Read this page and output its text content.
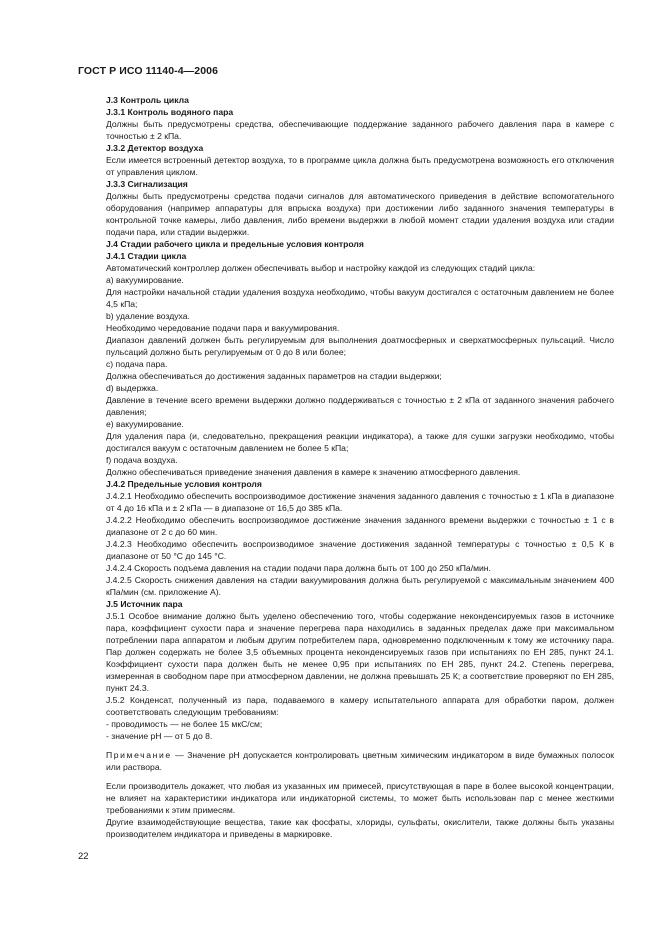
ГОСТ Р ИСО 11140-4—2006

J.3 Контроль цикла

J.3.1 Контроль водяного пара

Должны быть предусмотрены средства, обеспечивающие поддержание заданного рабочего давления пара в камере с точностью ± 2 кПа.

J.3.2 Детектор воздуха

Если имеется встроенный детектор воздуха, то в программе цикла должна быть предусмотрена возможность его отключения от управления циклом.

J.3.3 Сигнализация

Должны быть предусмотрены средства подачи сигналов для автоматического приведения в действие вспомогательного оборудования (например аппаратуры для впрыска воздуха) при достижении либо заданного значения температуры в контрольной точке камеры, либо давления, либо времени выдержки в любой момент стадии удаления воздуха или стадии подачи пара, или стадии выдержки.

J.4 Стадии рабочего цикла и предельные условия контроля

J.4.1 Стадии цикла

Автоматический контроллер должен обеспечивать выбор и настройку каждой из следующих стадий цикла:

a) вакуумирование.

Для настройки начальной стадии удаления воздуха необходимо, чтобы вакуум достигался с остаточным давлением не более 4,5 кПа;

b) удаление воздуха.

Необходимо чередование подачи пара и вакуумирования.

Диапазон давлений должен быть регулируемым для выполнения доатмосферных и сверхатмосферных пульсаций. Число пульсаций должно быть регулируемым от 0 до 8 или более;

c) подача пара.

Должна обеспечиваться до достижения заданных параметров на стадии выдержки;

d) выдержка.

Давление в течение всего времени выдержки должно поддерживаться с точностью ± 2 кПа от заданного значения рабочего давления;

e) вакуумирование.

Для удаления пара (и, следовательно, прекращения реакции индикатора), а также для сушки загрузки необходимо, чтобы достигался вакуум с остаточным давлением не более 5 кПа;

f) подача воздуха.

Должно обеспечиваться приведение значения давления в камере к значению атмосферного давления.

J.4.2 Предельные условия контроля

J.4.2.1 Необходимо обеспечить воспроизводимое достижение значения заданного давления с точностью ± 1 кПа в диапазоне от 4 до 16 кПа и ± 2 кПа — в диапазоне от 16,5 до 385 кПа.

J.4.2.2 Необходимо обеспечить воспроизводимое достижение значения заданного времени выдержки с точностью ± 1 с в диапазоне от 2 с до 60 мин.

J.4.2.3 Необходимо обеспечить воспроизводимое значение достижения заданной температуры с точностью ± 0,5 К в диапазоне от 50 °С до 145 °С.

J.4.2.4 Скорость подъема давления на стадии подачи пара должна быть от 100 до 250 кПа/мин.

J.4.2.5 Скорость снижения давления на стадии вакуумирования должна быть регулируемой с максимальным значением 400 кПа/мин (см. приложение А).

J.5 Источник пара

J.5.1 Особое внимание должно быть уделено обеспечению того, чтобы содержание неконденсируемых газов в источнике пара, коэффициент сухости пара и значение перегрева пара находились в заданных пределах даже при максимальном потреблении пара аппаратом и любым другим потребителем пара, одновременно подключенным к тому же источнику пара. Пар должен содержать не более 3,5 объемных процента неконденсируемых газов при испытаниях по ЕН 285, пункт 24.1. Коэффициент сухости пара должен быть не менее 0,95 при испытаниях по ЕН 285, пункт 24.2. Степень перегрева, измеренная в свободном паре при атмосферном давлении, не должна превышать 25 К; а соответствие проверяют по ЕН 285, пункт 24.3.

J.5.2 Конденсат, полученный из пара, подаваемого в камеру испытательного аппарата для обработки паром, должен соответствовать следующим требованиям:

- проводимость — не более 15 мкС/см;

- значение pH — от 5 до 8.

Примечание — Значение pH допускается контролировать цветным химическим индикатором в виде бумажных полосок или раствора.

Если производитель докажет, что любая из указанных им примесей, присутствующая в паре в более высокой концентрации, не влияет на характеристики индикатора или индикаторной системы, то может быть использован пар с менее жесткими требованиями к этим примесям.

Другие взаимодействующие вещества, такие как фосфаты, хлориды, сульфаты, окислители, также должны быть указаны производителем индикатора и приведены в маркировке.

22
